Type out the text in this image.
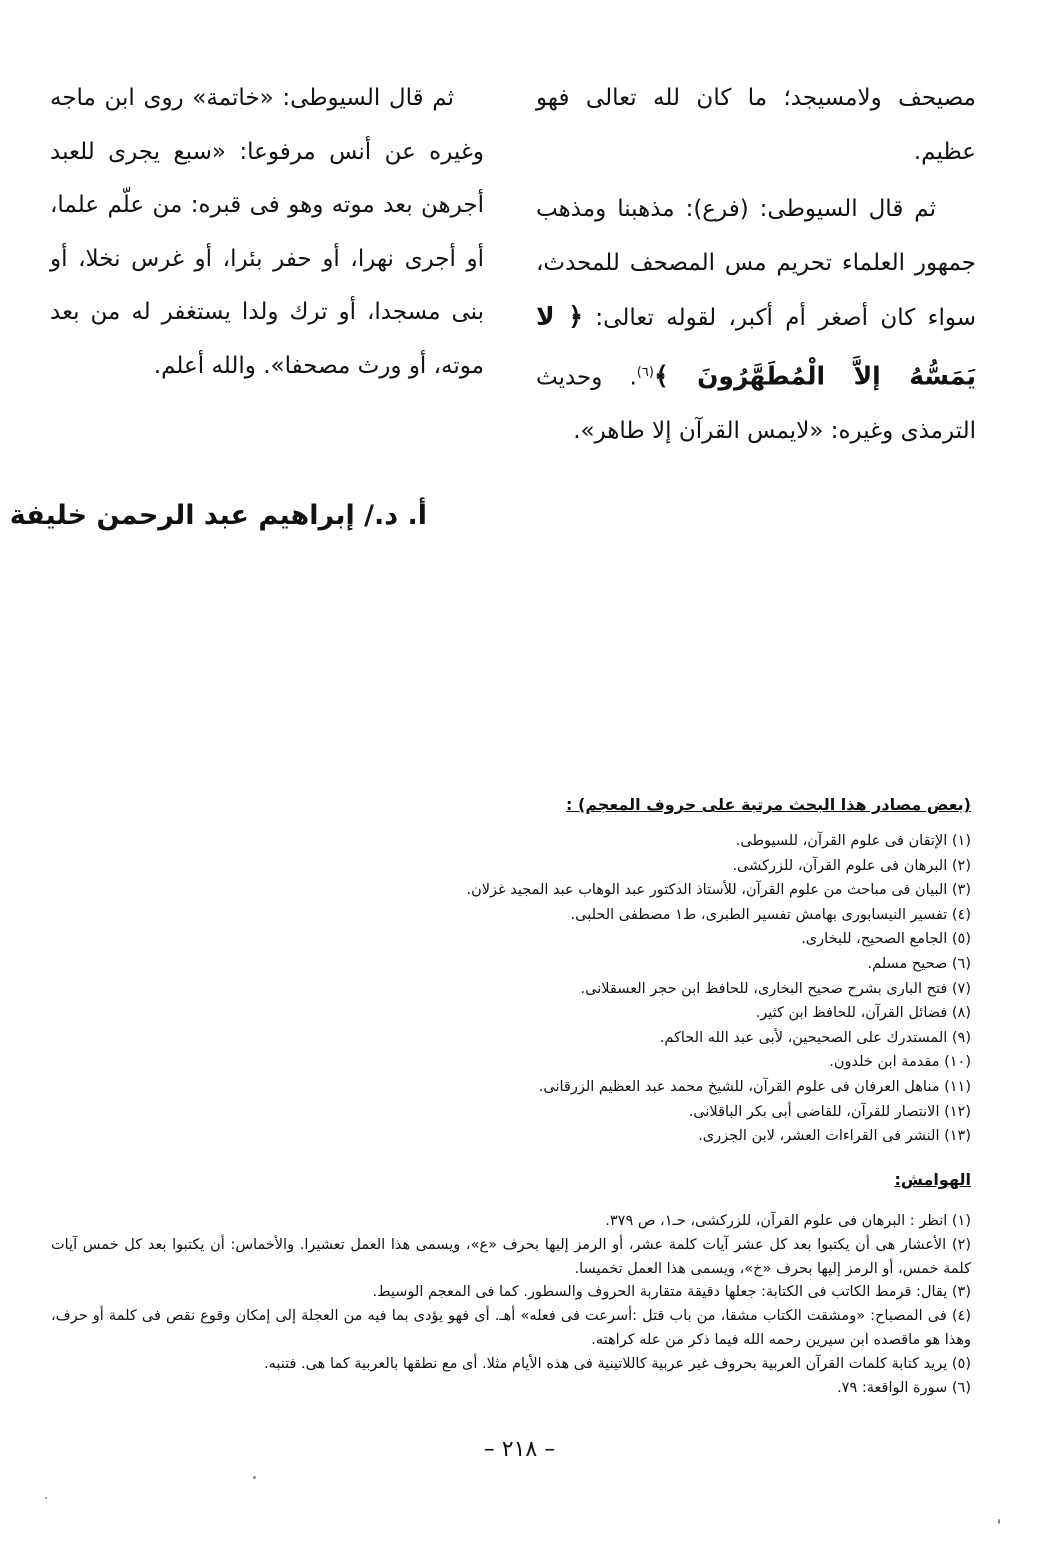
مصيحف ولامسيجد؛ ما كان لله تعالى فهو عظيم.

ثم قال السيوطى: (فرع): مذهبنا ومذهب جمهور العلماء تحريم مس المصحف للمحدث، سواء كان أصغر أم أكبر، لقوله تعالى: ﴿ لا يَمَسُّهُ إلاَّ الْمُطَهَّرُونَ ﴾$^{(٦)}$. وحديث الترمذى وغيره: «لايمس القرآن إلا طاهر».

ثم قال السيوطى: «خاتمة» روى ابن ماجه وغيره عن أنس مرفوعا: «سبع يجرى للعبد أجرهن بعد موته وهو فى قبره: من علّم علما، أو أجرى نهرا، أو حفر بئرا، أو غرس نخلا، أو بنى مسجدا، أو ترك ولدا يستغفر له من بعد موته، أو ورث مصحفا». والله أعلم.

أ. د./ إبراهيم عبد الرحمن خليفة
(بعض مصادر هذا البحث مرتبة على حروف المعجم) :
(١) الإتقان فى علوم القرآن، للسيوطى.
(٢) البرهان فى علوم القرآن، للزركشى.
(٣) البيان فى مباحث من علوم القرآن، للأستاذ الدكتور عبد الوهاب عبد المجيد غزلان.
(٤) تفسير النيسابورى بهامش تفسير الطبرى، ط١ مصطفى الحلبى.
(٥) الجامع الصحيح، للبخارى.
(٦) صحيح مسلم.
(٧) فتح البارى بشرح صحيح البخارى، للحافظ ابن حجر العسقلانى.
(٨) فضائل القرآن، للحافظ ابن كثير.
(٩) المستدرك على الصحيحين، لأبى عبد الله الحاكم.
(١٠) مقدمة ابن خلدون.
(١١) مناهل العرفان فى علوم القرآن، للشيخ محمد عبد العظيم الزرقانى.
(١٢) الانتصار للقرآن، للقاضى أبى بكر الباقلانى.
(١٣) النشر فى القراءات العشر، لابن الجزرى.
الهوامش:
(١) انظر : البرهان فى علوم القرآن، للزركشى، حـ١، ص ٣٧٩.
(٢) الأعشار هى أن يكتبوا بعد كل عشر آيات كلمة عشر، أو الرمز إليها بحرف «ع»، ويسمى هذا العمل تعشيرا. والأخماس: أن يكتبوا بعد كل خمس آيات كلمة خمس، أو الرمز إليها بحرف «خ»، ويسمى هذا العمل تخميسا.
(٣) يقال: قرمط الكاتب فى الكتابة: جعلها دقيقة متقاربة الحروف والسطور. كما فى المعجم الوسيط.
(٤) فى المصباح: «ومشقت الكتاب مشقا، من باب قتل :أسرعت فى فعله» أهـ. أى فهو يؤدى بما فيه من العجلة إلى إمكان وقوع نقص فى كلمة أو حرف، وهذا هو ماقصده ابن سيرين رحمه الله فيما ذكر من عله كراهته.
(٥) يريد كتابة كلمات القرآن العربية بحروف غير عربية كاللاتينية فى هذه الأيام مثلا. أى مع نطقها بالعربية كما هى. فتنبه.
(٦) سورة الواقعة: ٧٩.
– ٢١٨ –
